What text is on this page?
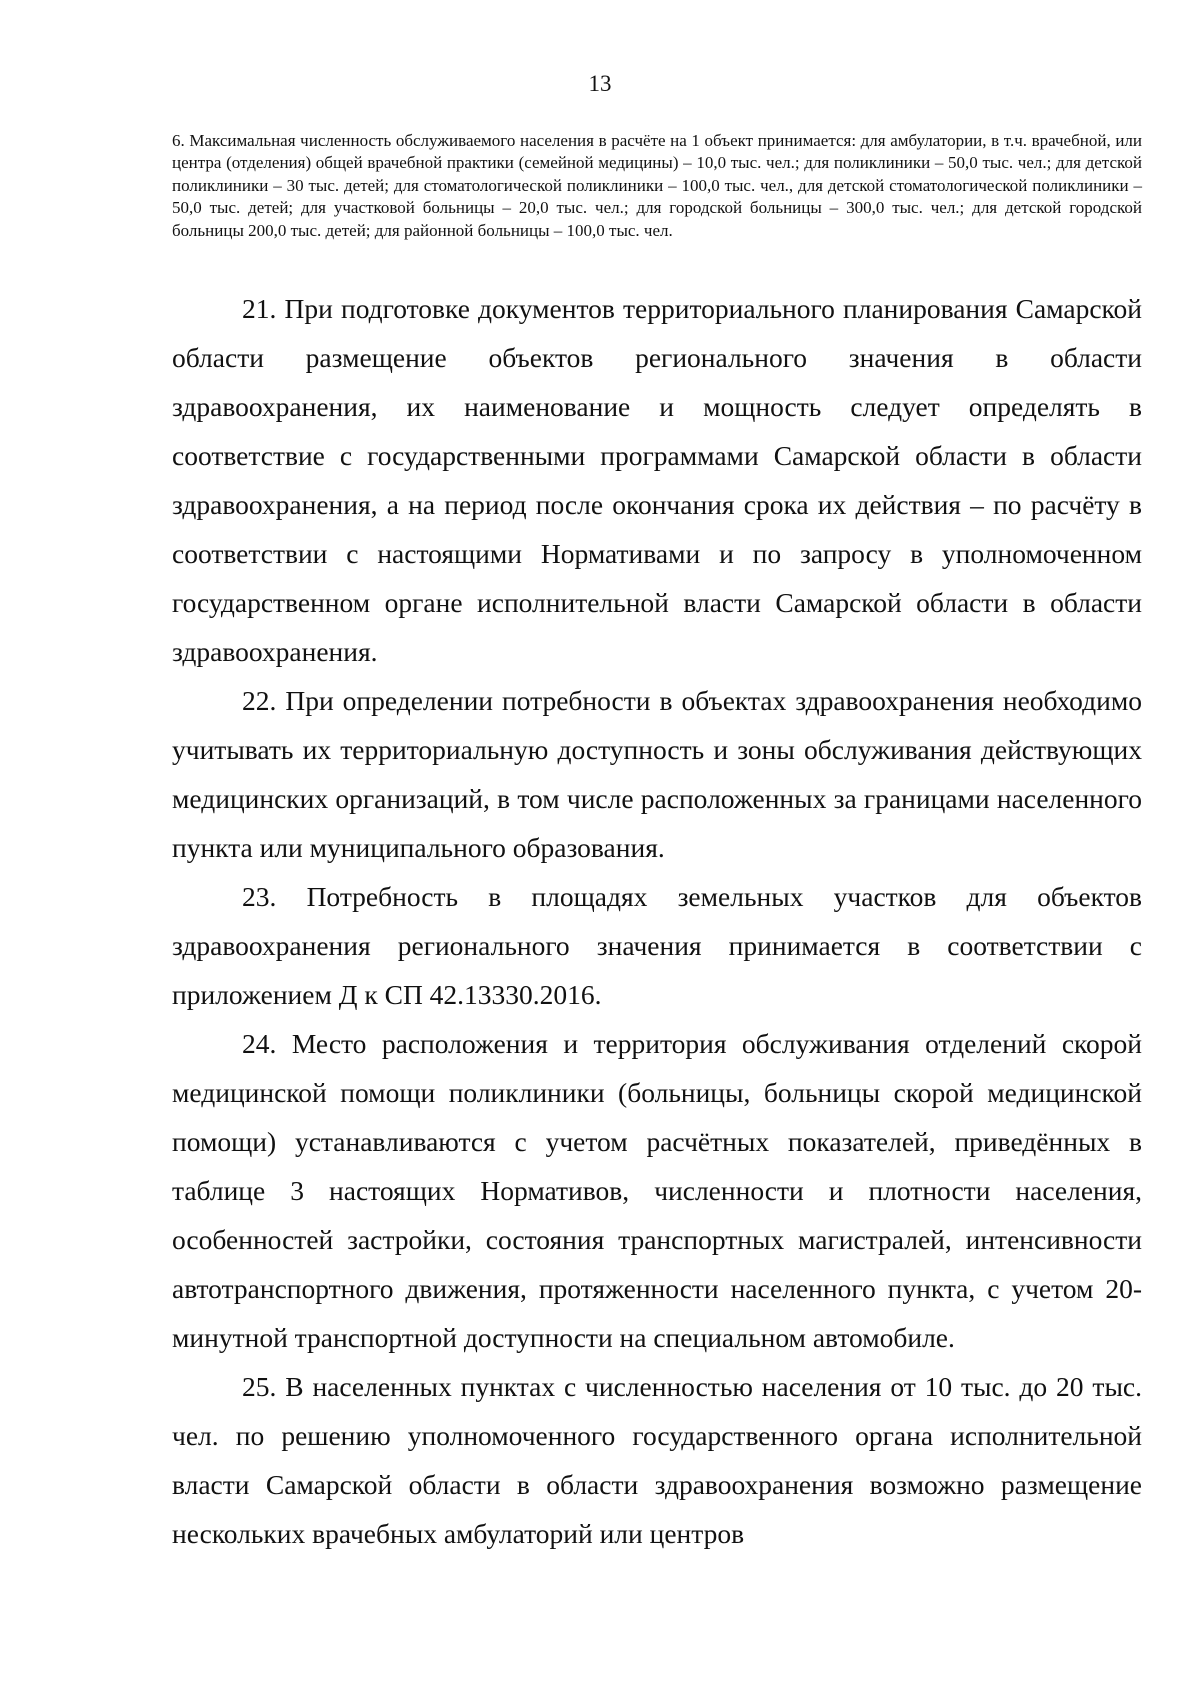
13

6. Максимальная численность обслуживаемого населения в расчёте на 1 объект принимается: для амбулатории, в т.ч. врачебной, или центра (отделения) общей врачебной практики (семейной медицины) – 10,0 тыс. чел.; для поликлиники – 50,0 тыс. чел.; для детской поликлиники – 30 тыс. детей; для стоматологической поликлиники – 100,0 тыс. чел., для детской стоматологической поликлиники – 50,0 тыс. детей; для участковой больницы – 20,0 тыс. чел.; для городской больницы – 300,0 тыс. чел.; для детской городской больницы 200,0 тыс. детей; для районной больницы – 100,0 тыс. чел.

21. При подготовке документов территориального планирования Самарской области размещение объектов регионального значения в области здравоохранения, их наименование и мощность следует определять в соответствие с государственными программами Самарской области в области здравоохранения, а на период после окончания срока их действия – по расчёту в соответствии с настоящими Нормативами и по запросу в уполномоченном государственном органе исполнительной власти Самарской области в области здравоохранения.

22. При определении потребности в объектах здравоохранения необходимо учитывать их территориальную доступность и зоны обслуживания действующих медицинских организаций, в том числе расположенных за границами населенного пункта или муниципального образования.

23. Потребность в площадях земельных участков для объектов здравоохранения регионального значения принимается в соответствии с приложением Д к СП 42.13330.2016.

24. Место расположения и территория обслуживания отделений скорой медицинской помощи поликлиники (больницы, больницы скорой медицинской помощи) устанавливаются с учетом расчётных показателей, приведённых в таблице 3 настоящих Нормативов, численности и плотности населения, особенностей застройки, состояния транспортных магистралей, интенсивности автотранспортного движения, протяженности населенного пункта, с учетом 20-минутной транспортной доступности на специальном автомобиле.

25. В населенных пунктах с численностью населения от 10 тыс. до 20 тыс. чел. по решению уполномоченного государственного органа исполнительной власти Самарской области в области здравоохранения возможно размещение нескольких врачебных амбулаторий или центров
